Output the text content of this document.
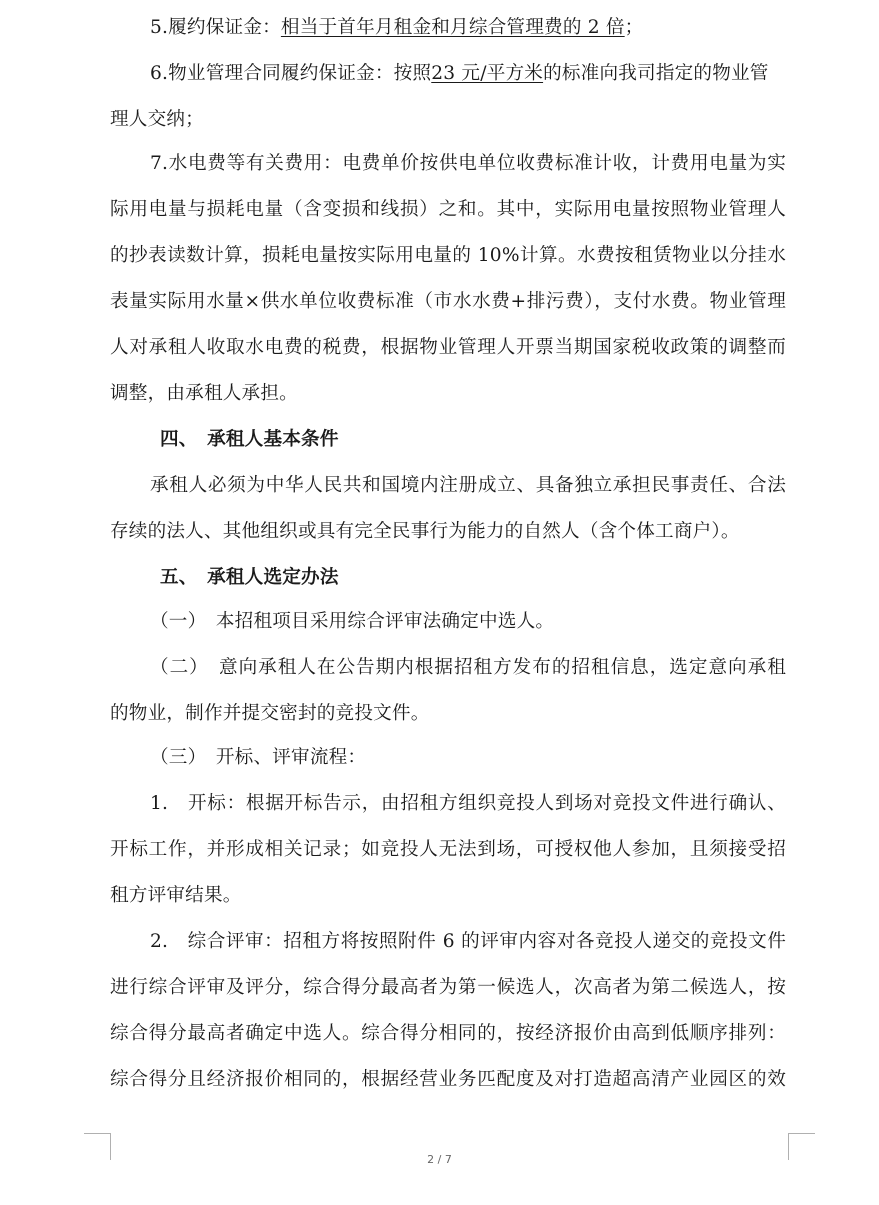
5.履约保证金：相当于首年月租金和月综合管理费的 2 倍；
6.物业管理合同履约保证金：按照23 元/平方米的标准向我司指定的物业管
理人交纳；
7.水电费等有关费用：电费单价按供电单位收费标准计收，计费用电量为实
际用电量与损耗电量（含变损和线损）之和。其中，实际用电量按照物业管理人
的抄表读数计算，损耗电量按实际用电量的 10%计算。水费按租赁物业以分挂水
表量实际用水量×供水单位收费标准（市水水费+排污费），支付水费。物业管理
人对承租人收取水电费的税费，根据物业管理人开票当期国家税收政策的调整而
调整，由承租人承担。
四、　承租人基本条件
承租人必须为中华人民共和国境内注册成立、具备独立承担民事责任、合法
存续的法人、其他组织或具有完全民事行为能力的自然人（含个体工商户）。
五、　承租人选定办法
（一）　本招租项目采用综合评审法确定中选人。
（二）　意向承租人在公告期内根据招租方发布的招租信息，选定意向承租
的物业，制作并提交密封的竞投文件。
（三）　开标、评审流程：
1.　开标：根据开标告示，由招租方组织竞投人到场对竞投文件进行确认、
开标工作，并形成相关记录；如竞投人无法到场，可授权他人参加，且须接受招
租方评审结果。
2.　综合评审：招租方将按照附件 6 的评审内容对各竞投人递交的竞投文件
进行综合评审及评分，综合得分最高者为第一候选人，次高者为第二候选人，按
综合得分最高者确定中选人。综合得分相同的，按经济报价由高到低顺序排列：
综合得分且经济报价相同的，根据经营业务匹配度及对打造超高清产业园区的效
2 / 7
